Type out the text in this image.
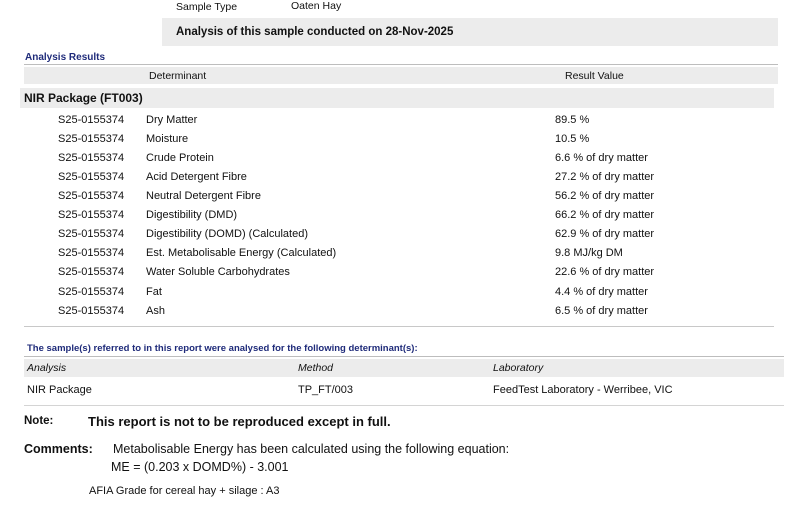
Sample Type	Oaten Hay
Analysis of this sample conducted on 28-Nov-2025
Analysis Results
Determinant	Result Value
NIR Package (FT003)
S25-0155374 Dry Matter	89.5 %
S25-0155374 Moisture	10.5 %
S25-0155374 Crude Protein	6.6 % of dry matter
S25-0155374 Acid Detergent Fibre	27.2 % of dry matter
S25-0155374 Neutral Detergent Fibre	56.2 % of dry matter
S25-0155374 Digestibility (DMD)	66.2 % of dry matter
S25-0155374 Digestibility (DOMD) (Calculated)	62.9 % of dry matter
S25-0155374 Est. Metabolisable Energy (Calculated)	9.8 MJ/kg DM
S25-0155374 Water Soluble Carbohydrates	22.6 % of dry matter
S25-0155374 Fat	4.4 % of dry matter
S25-0155374 Ash	6.5 % of dry matter
The sample(s) referred to in this report were analysed for the following determinant(s):
Analysis	Method	Laboratory
NIR Package	TP_FT/003	FeedTest Laboratory - Werribee, VIC
Note:	This report is not to be reproduced except in full.
Comments: Metabolisable Energy has been calculated using the following equation:
ME = (0.203 x DOMD%) - 3.001
AFIA Grade for cereal hay + silage : A3
